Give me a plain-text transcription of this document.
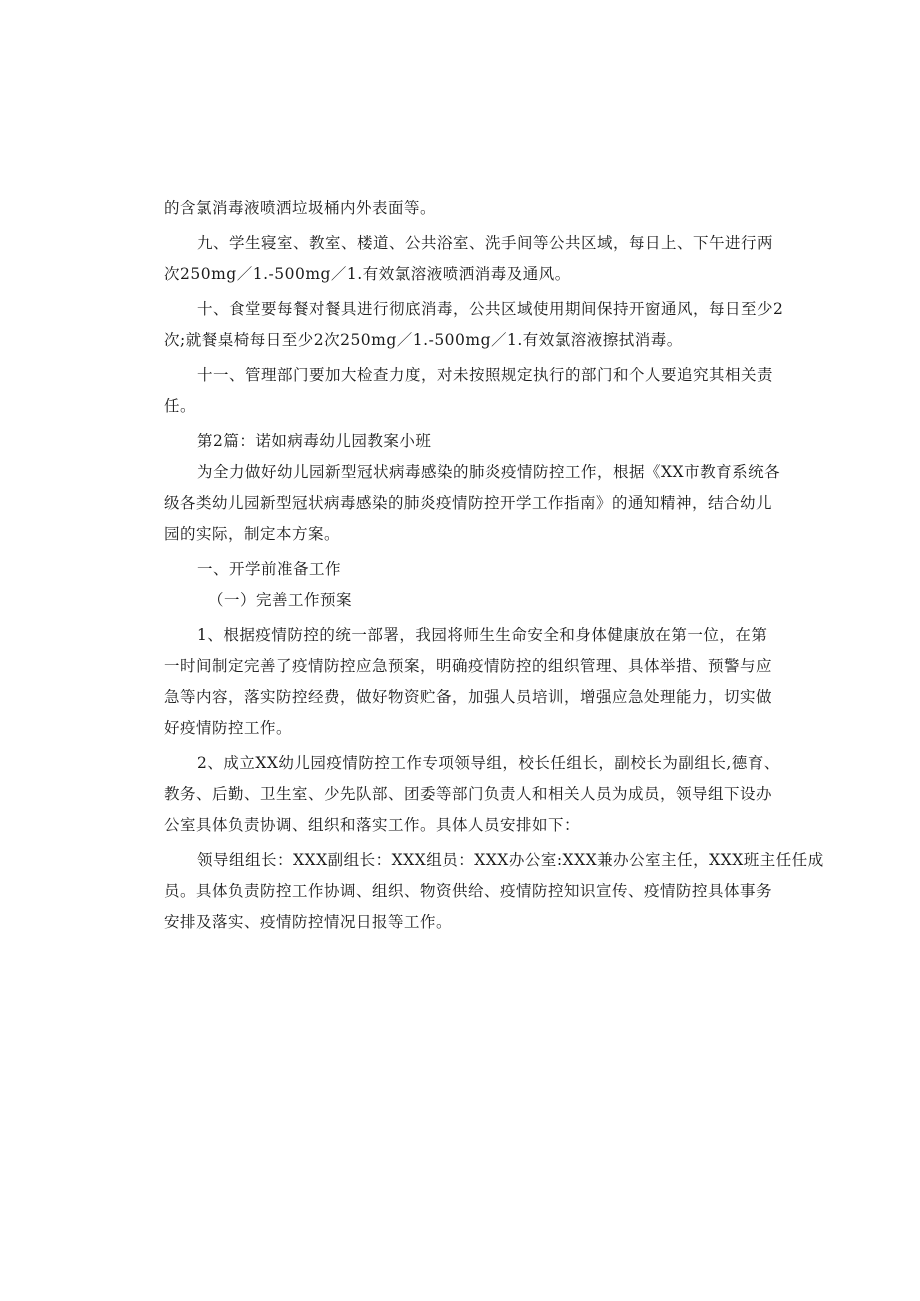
的含氯消毒液喷洒垃圾桶内外表面等。
九、学生寝室、教室、楼道、公共浴室、洗手间等公共区域，每日上、下午进行两
次250mg／1.-500mg／1.有效氯溶液喷洒消毒及通风。
十、食堂要每餐对餐具进行彻底消毒，公共区域使用期间保持开窗通风，每日至少2
次;就餐桌椅每日至少2次250mg／1.-500mg／1.有效氯溶液擦拭消毒。
十一、管理部门要加大检查力度，对未按照规定执行的部门和个人要追究其相关责
任。
第2篇：诺如病毒幼儿园教案小班
为全力做好幼儿园新型冠状病毒感染的肺炎疫情防控工作，根据《XX市教育系统各
级各类幼儿园新型冠状病毒感染的肺炎疫情防控开学工作指南》的通知精神，结合幼儿
园的实际，制定本方案。
一、开学前准备工作
（一）完善工作预案
1、根据疫情防控的统一部署，我园将师生生命安全和身体健康放在第一位，在第
一时间制定完善了疫情防控应急预案，明确疫情防控的组织管理、具体举措、预警与应
急等内容，落实防控经费，做好物资贮备，加强人员培训，增强应急处理能力，切实做
好疫情防控工作。
2、成立XX幼儿园疫情防控工作专项领导组，校长任组长，副校长为副组长,德育、
教务、后勤、卫生室、少先队部、团委等部门负责人和相关人员为成员，领导组下设办
公室具体负责协调、组织和落实工作。具体人员安排如下：
领导组组长：XXX副组长：XXX组员：XXX办公室:XXX兼办公室主任，XXX班主任任成
员。具体负责防控工作协调、组织、物资供给、疫情防控知识宣传、疫情防控具体事务
安排及落实、疫情防控情况日报等工作。
